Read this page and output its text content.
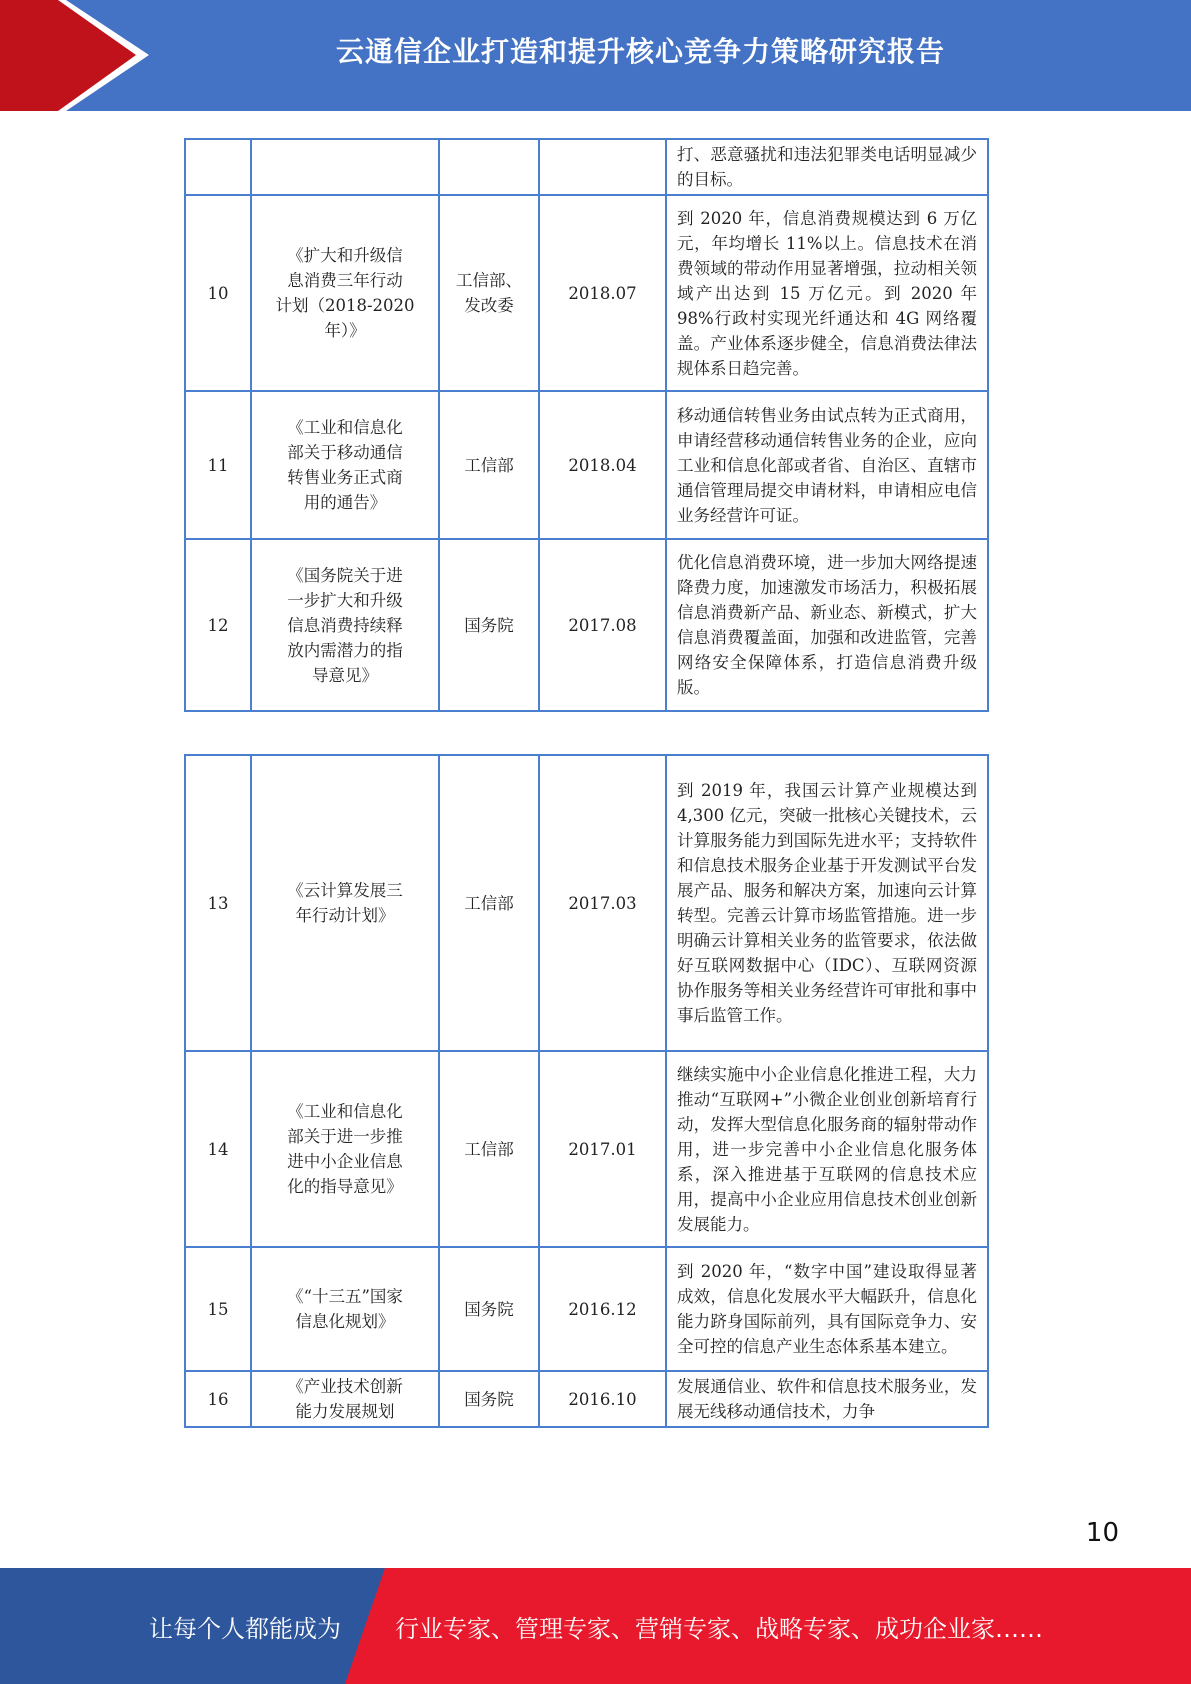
云通信企业打造和提升核心竞争力策略研究报告
				打、恶意骚扰和违法犯罪类电话明显减少的目标。
10	《扩大和升级信
息消费三年行动
计划（2018-2020
年）》	工信部、
发改委	2018.07	到 2020 年，信息消费规模达到 6 万亿元，年均增长 11%以上。信息技术在消费领域的带动作用显著增强，拉动相关领域产出达到 15 万亿元。到 2020 年 98%行政村实现光纤通达和 4G 网络覆盖。产业体系逐步健全，信息消费法律法规体系日趋完善。
11	《工业和信息化
部关于移动通信
转售业务正式商
用的通告》	工信部	2018.04	移动通信转售业务由试点转为正式商用，申请经营移动通信转售业务的企业，应向工业和信息化部或者省、自治区、直辖市通信管理局提交申请材料，申请相应电信业务经营许可证。
12	《国务院关于进
一步扩大和升级
信息消费持续释
放内需潜力的指
导意见》	国务院	2017.08	优化信息消费环境，进一步加大网络提速降费力度，加速激发市场活力，积极拓展信息消费新产品、新业态、新模式，扩大信息消费覆盖面，加强和改进监管，完善网络安全保障体系，打造信息消费升级版。
13	《云计算发展三
年行动计划》	工信部	2017.03	到 2019 年，我国云计算产业规模达到 4,300 亿元，突破一批核心关键技术，云计算服务能力到国际先进水平；支持软件和信息技术服务企业基于开发测试平台发展产品、服务和解决方案，加速向云计算转型。完善云计算市场监管措施。进一步明确云计算相关业务的监管要求，依法做好互联网数据中心（IDC）、互联网资源协作服务等相关业务经营许可审批和事中事后监管工作。
14	《工业和信息化
部关于进一步推
进中小企业信息
化的指导意见》	工信部	2017.01	继续实施中小企业信息化推进工程，大力推动“互联网+”小微企业创业创新培育行动，发挥大型信息化服务商的辐射带动作用，进一步完善中小企业信息化服务体系，深入推进基于互联网的信息技术应用，提高中小企业应用信息技术创业创新发展能力。
15	《“十三五”国家
信息化规划》	国务院	2016.12	到 2020 年，“数字中国”建设取得显著成效，信息化发展水平大幅跃升，信息化能力跻身国际前列，具有国际竞争力、安全可控的信息产业生态体系基本建立。
16	《产业技术创新
能力发展规划	国务院	2016.10	发展通信业、软件和信息技术服务业，发展无线移动通信技术，力争
10
让每个人都能成为	行业专家、管理专家、营销专家、战略专家、成功企业家……
